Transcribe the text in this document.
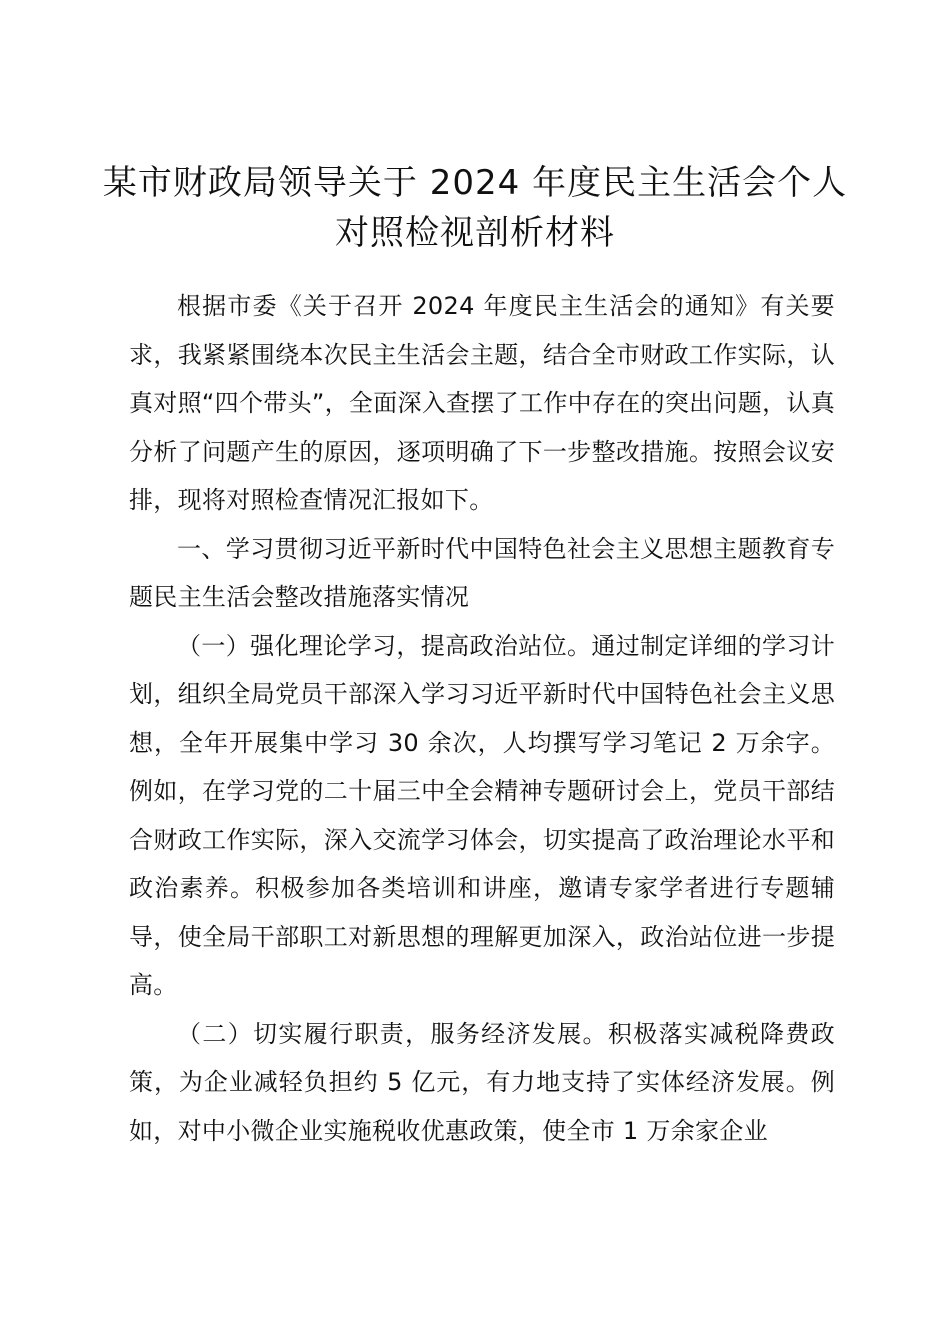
某市财政局领导关于 2024 年度民主生活会个人对照检视剖析材料

根据市委《关于召开 2024 年度民主生活会的通知》有关要求，我紧紧围绕本次民主生活会主题，结合全市财政工作实际，认真对照“四个带头”，全面深入查摆了工作中存在的突出问题，认真分析了问题产生的原因，逐项明确了下一步整改措施。按照会议安排，现将对照检查情况汇报如下。

一、学习贯彻习近平新时代中国特色社会主义思想主题教育专题民主生活会整改措施落实情况

（一）强化理论学习，提高政治站位。通过制定详细的学习计划，组织全局党员干部深入学习习近平新时代中国特色社会主义思想，全年开展集中学习 30 余次，人均撰写学习笔记 2 万余字。例如，在学习党的二十届三中全会精神专题研讨会上，党员干部结合财政工作实际，深入交流学习体会，切实提高了政治理论水平和政治素养。积极参加各类培训和讲座，邀请专家学者进行专题辅导，使全局干部职工对新思想的理解更加深入，政治站位进一步提高。

（二）切实履行职责，服务经济发展。积极落实减税降费政策，为企业减轻负担约 5 亿元，有力地支持了实体经济发展。例如，对中小微企业实施税收优惠政策，使全市 1 万余家企业
